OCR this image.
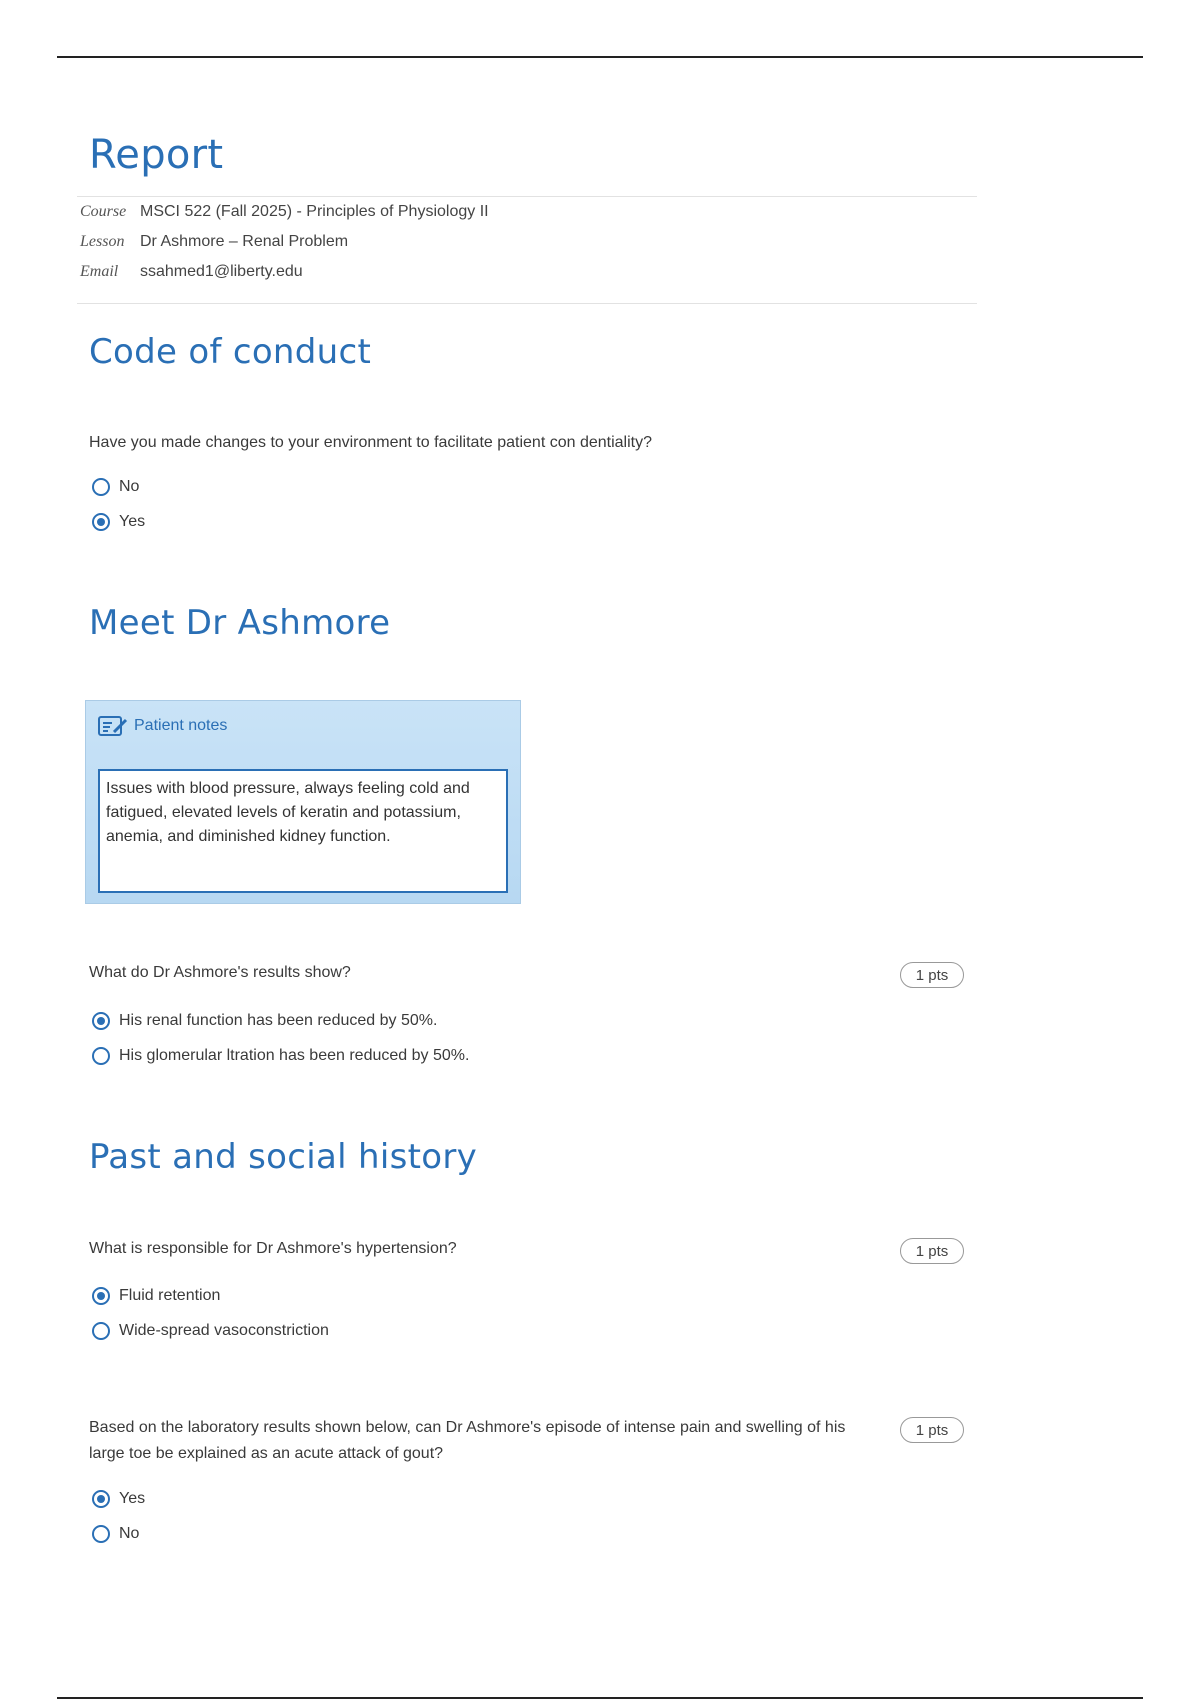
Report
Course MSCI 522 (Fall 2025) - Principles of Physiology II
Lesson Dr Ashmore – Renal Problem
Email ssahmed1@liberty.edu
Code of conduct

Have you made changes to your environment to facilitate patient con dentiality?

No
Yes
Meet Dr Ashmore
Patient notes
Issues with blood pressure, always feeling cold and fatigued, elevated levels of keratin and potassium, anemia, and diminished kidney function.

What do Dr Ashmore's results show?	1 pts
His renal function has been reduced by 50%.
His glomerular ltration has been reduced by 50%.
Past and social history

What is responsible for Dr Ashmore's hypertension?	1 pts
Fluid retention
Wide-spread vasoconstriction

Based on the laboratory results shown below, can Dr Ashmore's episode of intense pain and swelling of his large toe be explained as an acute attack of gout?

1 pts
Yes
No
